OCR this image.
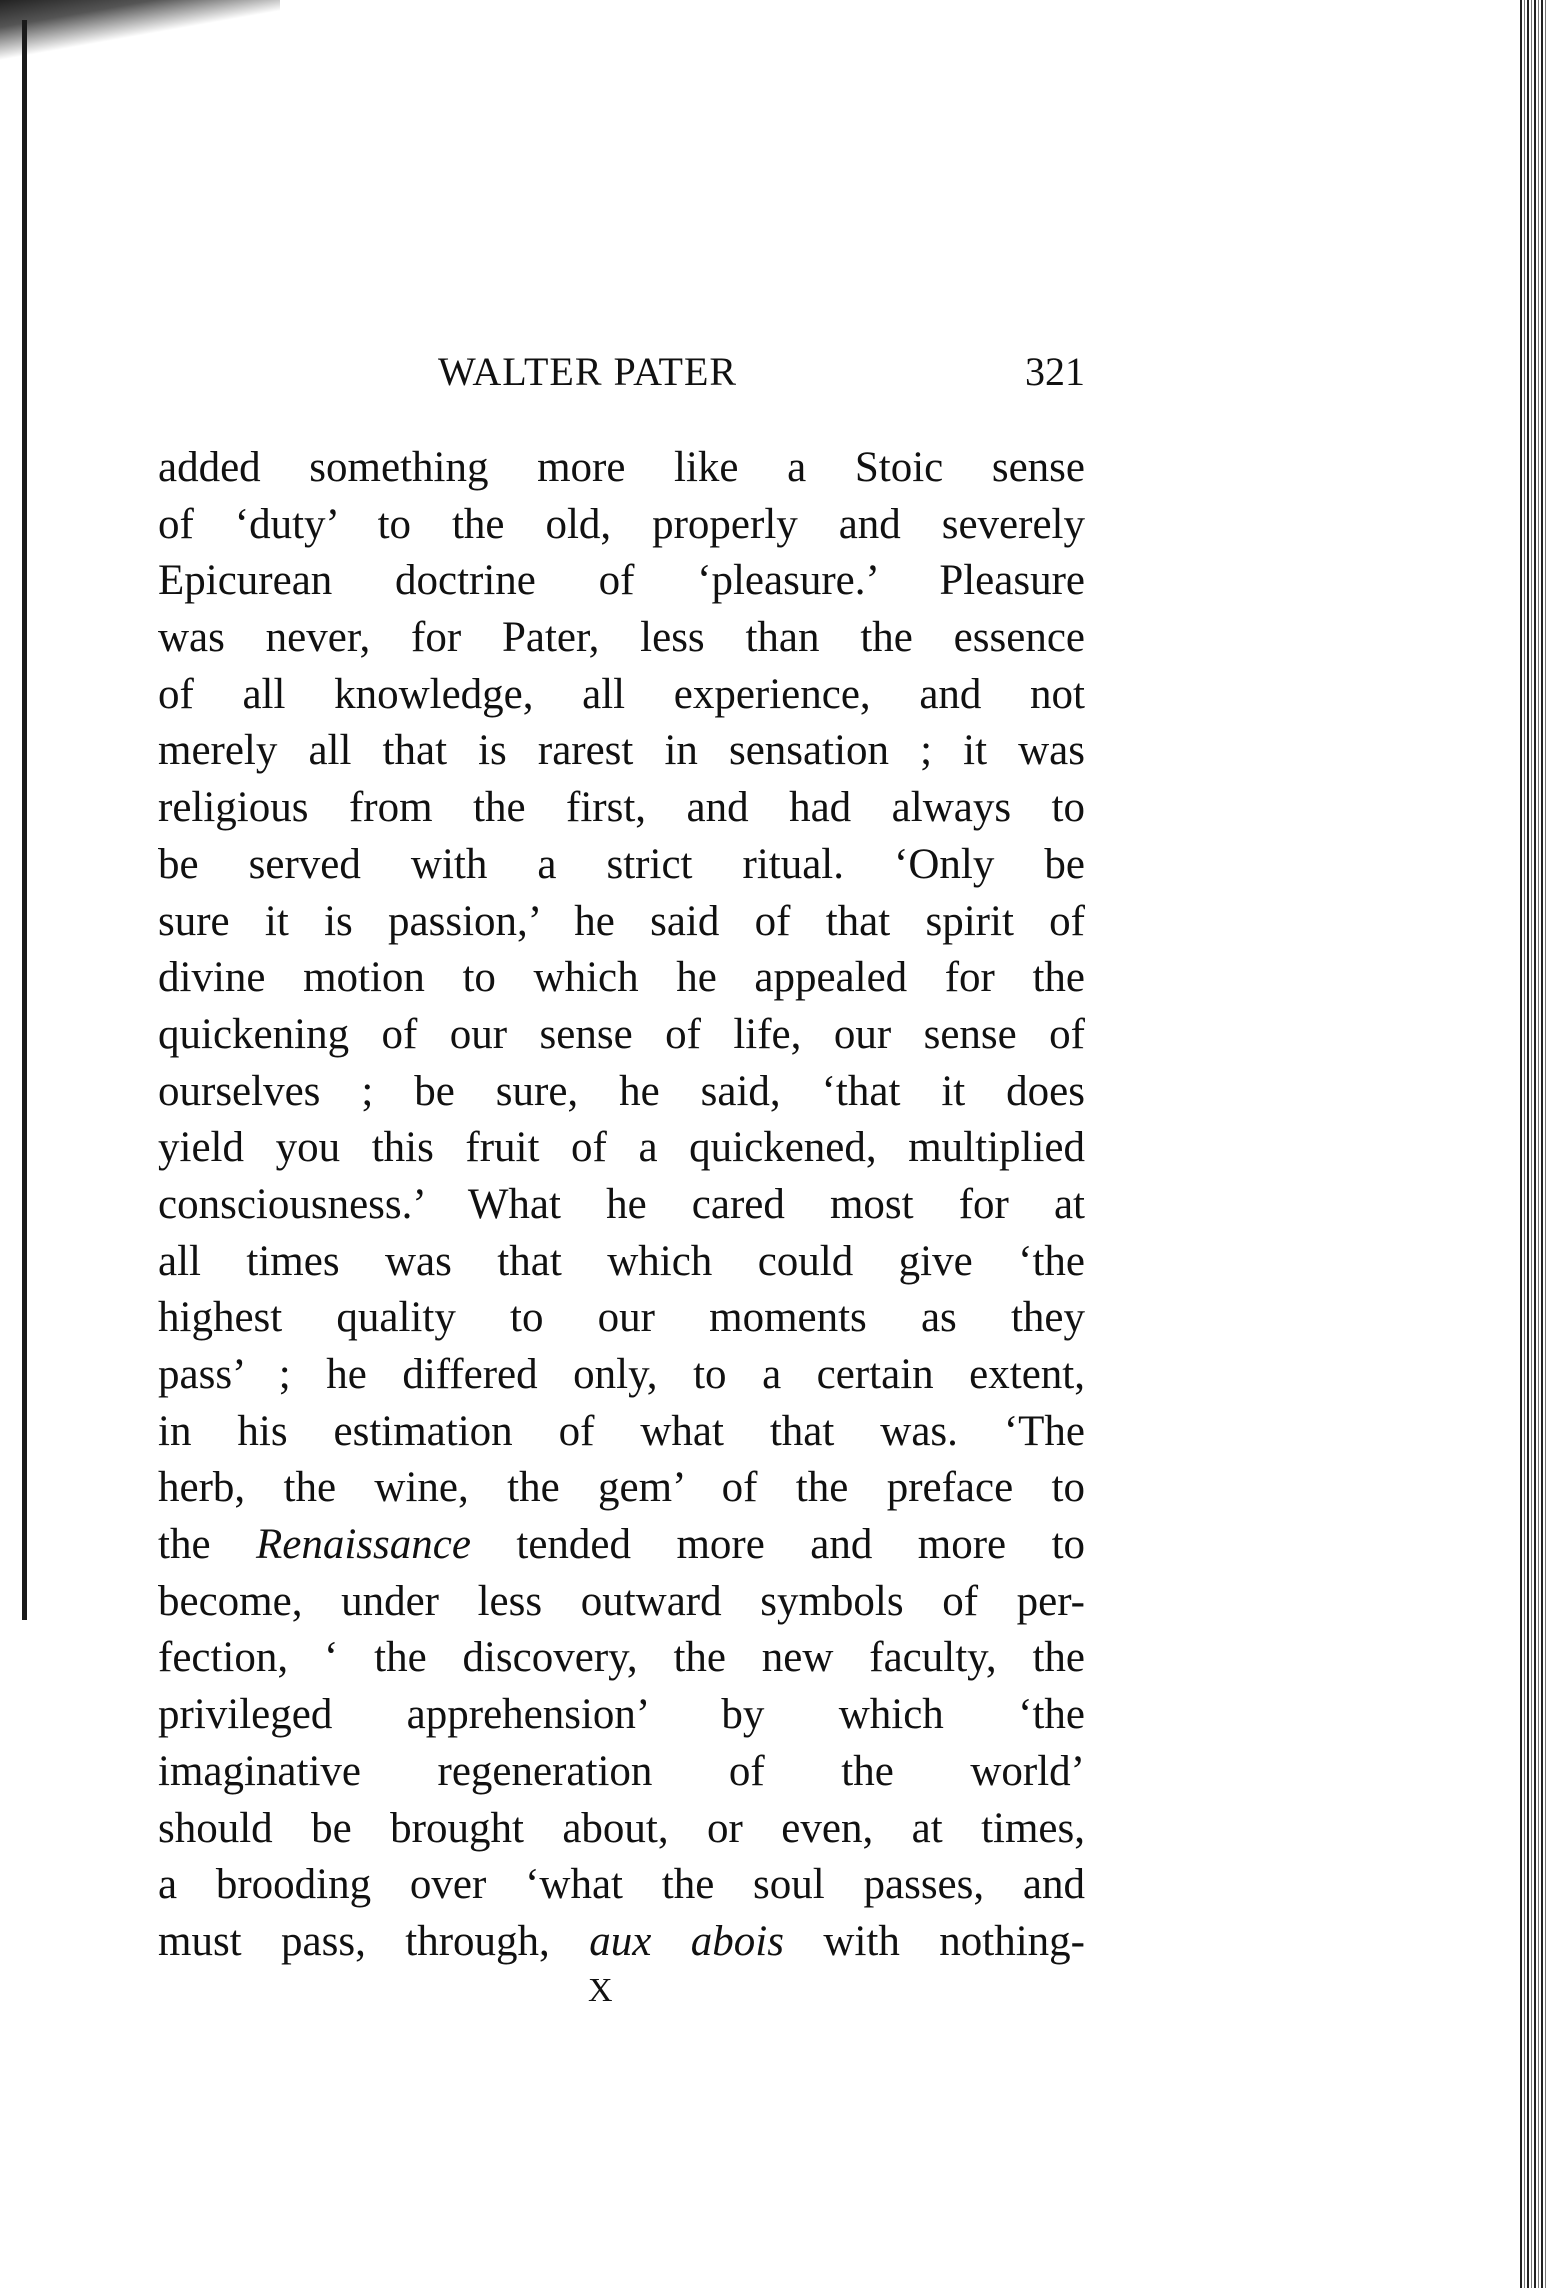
WALTER PATER	321
added something more like a Stoic sense
of ‘duty’ to the old, properly and severely
Epicurean doctrine of ‘pleasure.’ Pleasure
was never, for Pater, less than the essence
of all knowledge, all experience, and not
merely all that is rarest in sensation ; it was
religious from the first, and had always to
be served with a strict ritual. ‘Only be
sure it is passion,’ he said of that spirit of
divine motion to which he appealed for the
quickening of our sense of life, our sense of
ourselves ; be sure, he said, ‘that it does
yield you this fruit of a quickened, multiplied
consciousness.’ What he cared most for at
all times was that which could give ‘the
highest quality to our moments as they
pass’ ; he differed only, to a certain extent,
in his estimation of what that was. ‘The
herb, the wine, the gem’ of the preface to
the Renaissance tended more and more to
become, under less outward symbols of per-
fection, ‘ the discovery, the new faculty, the
privileged apprehension’ by which ‘the
imaginative regeneration of the world’
should be brought about, or even, at times,
a brooding over ‘what the soul passes, and
must pass, through, aux abois with nothing-
X
